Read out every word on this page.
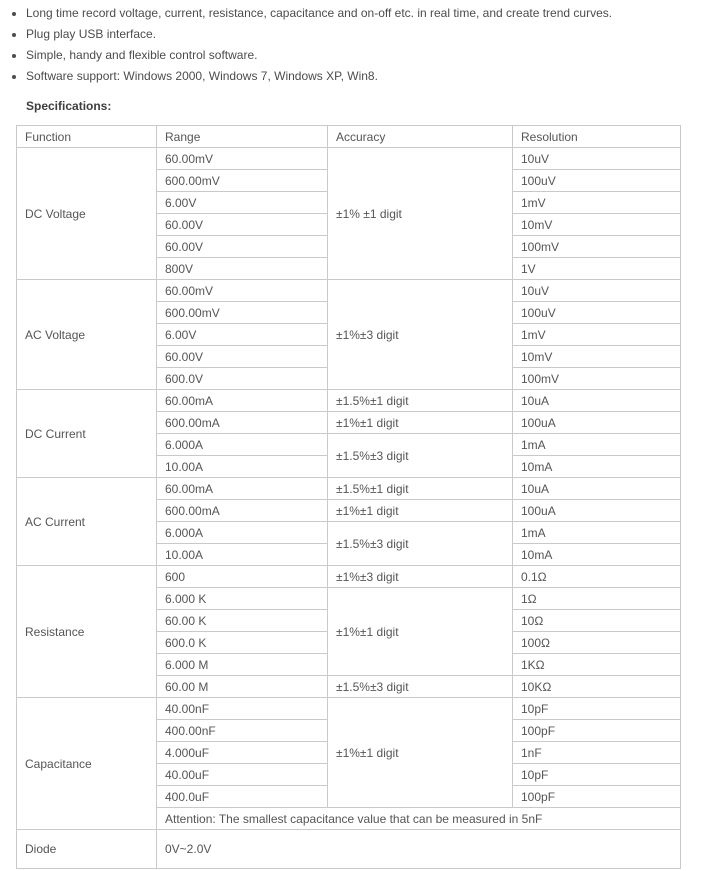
• Long time record voltage, current, resistance, capacitance and on-off etc. in real time, and create trend curves.
• Plug play USB interface.
• Simple, handy and flexible control software.
• Software support: Windows 2000, Windows 7, Windows XP, Win8.
Specifications:
Function	Range	Accuracy	Resolution
DC Voltage	60.00mV	±1% ±1 digit	10uV
	600.00mV		100uV
	6.00V		1mV
	60.00V		10mV
	60.00V		100mV
	800V		1V
AC Voltage	60.00mV	±1%±3 digit	10uV
	600.00mV		100uV
	6.00V		1mV
	60.00V		10mV
	600.0V		100mV
DC Current	60.00mA	±1.5%±1 digit	10uA
	600.00mA	±1%±1 digit	100uA
	6.000A	±1.5%±3 digit	1mA
	10.00A		10mA
AC Current	60.00mA	±1.5%±1 digit	10uA
	600.00mA	±1%±1 digit	100uA
	6.000A	±1.5%±3 digit	1mA
	10.00A		10mA
Resistance	600	±1%±3 digit	0.1Ω
	6.000 K	±1%±1 digit	1Ω
	60.00 K		10Ω
	600.0 K		100Ω
	6.000 M		1KΩ
	60.00 M	±1.5%±3 digit	10KΩ
Capacitance	40.00nF	±1%±1 digit	10pF
	400.00nF		100pF
	4.000uF		1nF
	40.00uF		10pF
	400.0uF		100pF
	Attention: The smallest capacitance value that can be measured in 5nF		
Diode	0V~2.0V		
